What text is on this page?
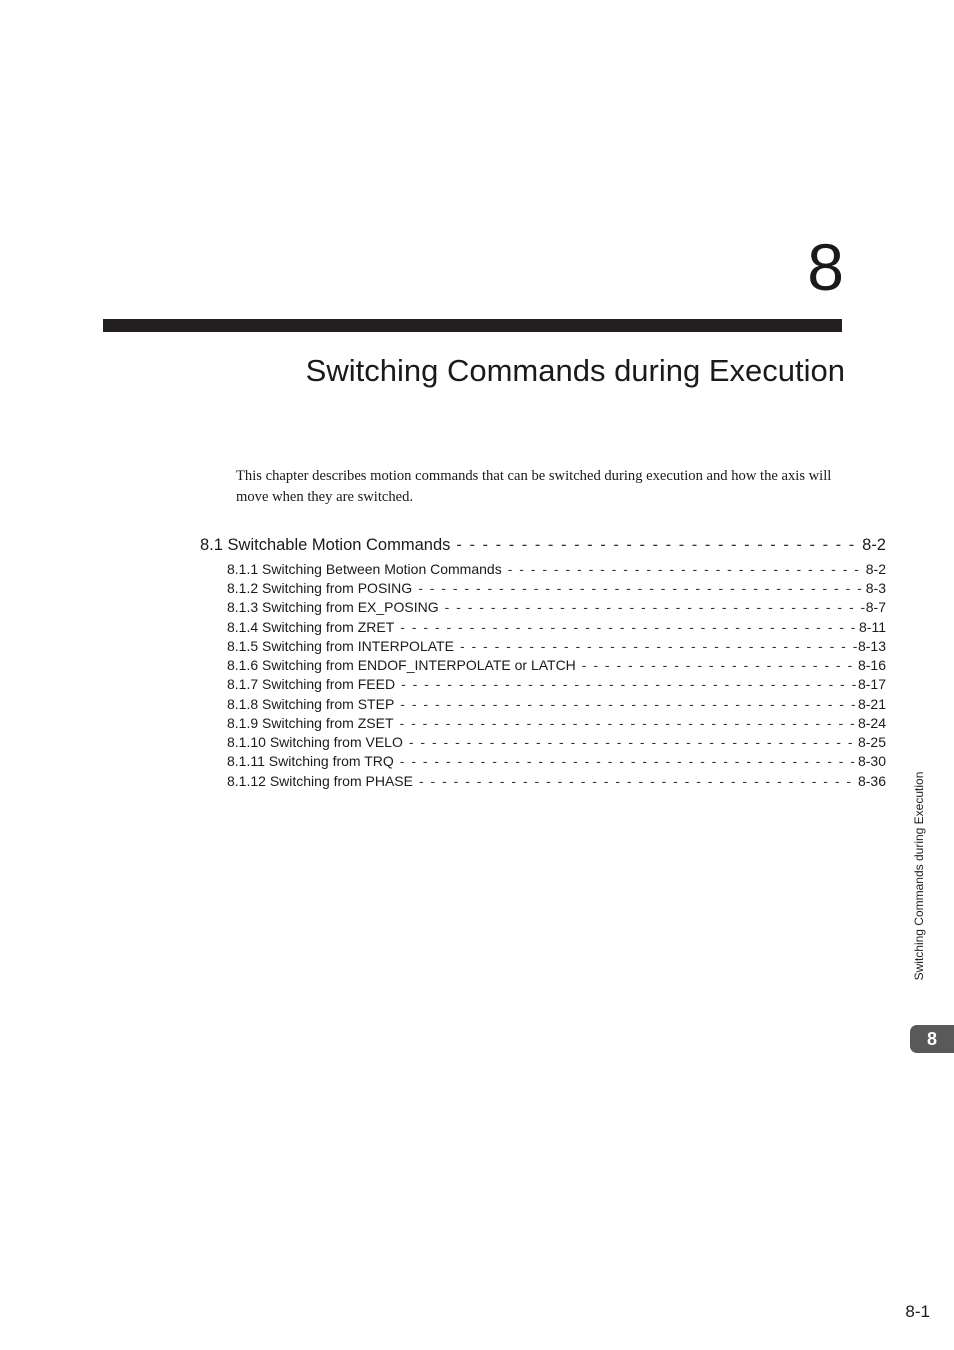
8
Switching Commands during Execution

This chapter describes motion commands that can be switched during execution and how the axis will move when they are switched.

8.1 Switchable Motion Commands - - -	8-2
8.1.1 Switching Between Motion Commands - - -	8-2
8.1.2 Switching from POSING - - -	8-3
8.1.3 Switching from EX_POSING - - -	8-7
8.1.4 Switching from ZRET - - -	8-11
8.1.5 Switching from INTERPOLATE - - -	8-13
8.1.6 Switching from ENDOF_INTERPOLATE or LATCH - - -	8-16
8.1.7 Switching from FEED - - -	8-17
8.1.8 Switching from STEP - - -	8-21
8.1.9 Switching from ZSET - - -	8-24
8.1.10 Switching from VELO - - -	8-25
8.1.11 Switching from TRQ - - -	8-30
8.1.12 Switching from PHASE - - -	8-36 Switching Commands during Execution
8
8-1
